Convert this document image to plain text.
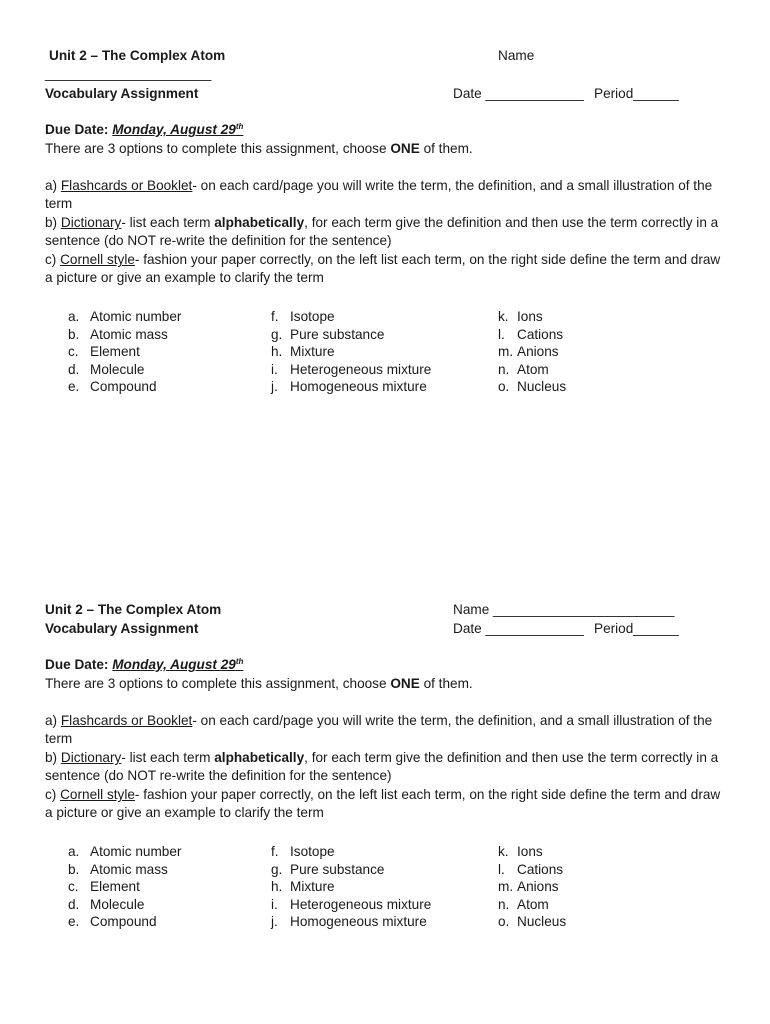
Unit 2 – The Complex Atom	Name
______________________
Vocabulary Assignment	Date _____________ Period______
Due Date: Monday, August 29th
There are 3 options to complete this assignment, choose ONE of them.
a) Flashcards or Booklet- on each card/page you will write the term, the definition, and a small illustration of the term
b) Dictionary- list each term alphabetically, for each term give the definition and then use the term correctly in a sentence (do NOT re-write the definition for the sentence)
c) Cornell style- fashion your paper correctly, on the left list each term, on the right side define the term and draw a picture or give an example to clarify the term
a. Atomic number
b. Atomic mass
c. Element
d. Molecule
e. Compound
f. Isotope
g. Pure substance
h. Mixture
i. Heterogeneous mixture
j. Homogeneous mixture
k. Ions
l. Cations
m. Anions
n. Atom
o. Nucleus
Unit 2 – The Complex Atom	Name ________________________
Vocabulary Assignment	Date _____________ Period______
Due Date: Monday, August 29th
There are 3 options to complete this assignment, choose ONE of them.
a) Flashcards or Booklet- on each card/page you will write the term, the definition, and a small illustration of the term
b) Dictionary- list each term alphabetically, for each term give the definition and then use the term correctly in a sentence (do NOT re-write the definition for the sentence)
c) Cornell style- fashion your paper correctly, on the left list each term, on the right side define the term and draw a picture or give an example to clarify the term
a. Atomic number
b. Atomic mass
c. Element
d. Molecule
e. Compound
f. Isotope
g. Pure substance
h. Mixture
i. Heterogeneous mixture
j. Homogeneous mixture
k. Ions
l. Cations
m. Anions
n. Atom
o. Nucleus
